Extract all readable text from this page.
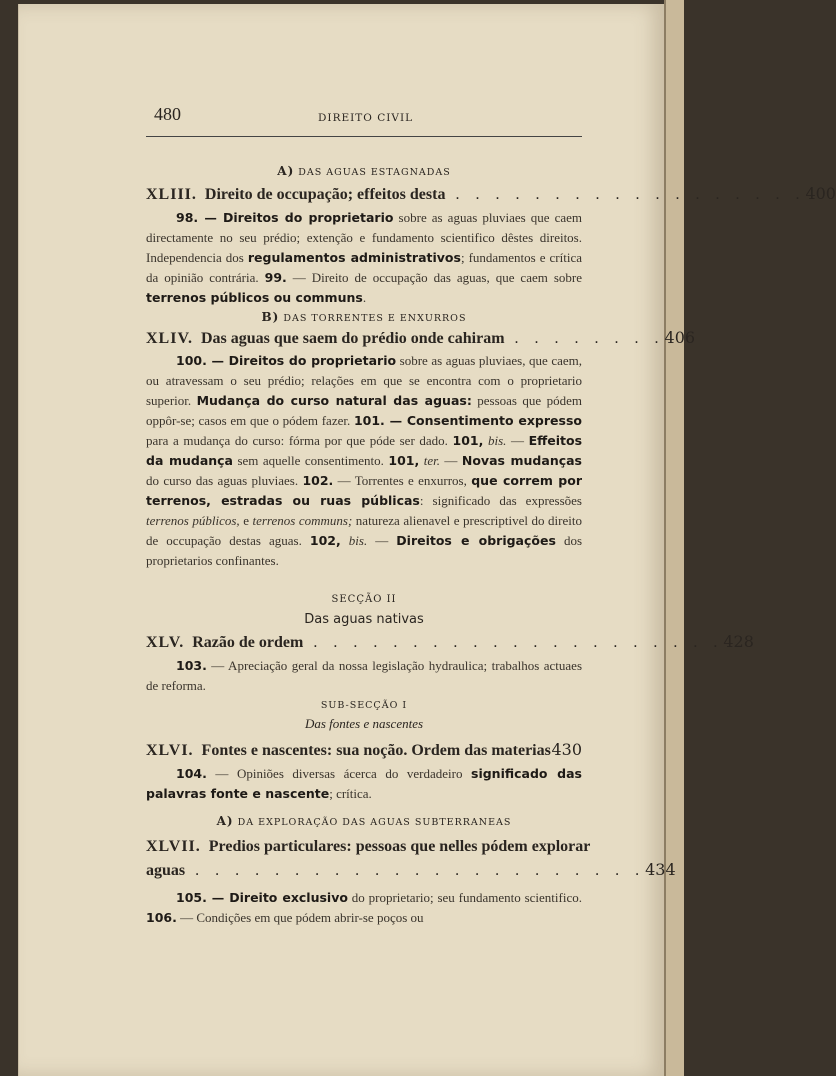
480	DIREITO CIVIL
A) DAS AGUAS ESTAGNADAS
XLIII. Direito de occupação; effeitos desta . . . . . . . . . . . . . . . . . . 400
98. — Direitos do proprietario sobre as aguas pluviaes que caem directamente no seu prédio; extenção e fundamento scientifico dêstes direitos. Independencia dos regulamentos administrativos; fundamentos e crítica da opinião contrária. 99. — Direito de occupação das aguas, que caem sobre terrenos públicos ou communs.
B) DAS TORRENTES E ENXURROS
XLIV. Das aguas que saem do prédio onde cahiram . . . . . . . . 406
100. — Direitos do proprietario sobre as aguas pluviaes, que caem, ou atravessam o seu prédio; relações em que se encontra com o proprietario superior. Mudança do curso natural das aguas: pessoas que pódem oppôr-se; casos em que o pódem fazer. 101. — Consentimento expresso para a mudança do curso: fórma por que póde ser dado. 101, bis. — Effeitos da mudança sem aquelle consentimento. 101, ter. — Novas mudanças do curso das aguas pluviaes. 102. — Torrentes e enxurros, que correm por terrenos, estradas ou ruas públicas: significado das expressões terrenos públicos, e terrenos communs; natureza alienavel e prescriptivel do direito de occupação destas aguas. 102, bis. — Direitos e obrigações dos proprietarios confinantes.
SECÇÃO II
Das aguas nativas
XLV. Razão de ordem . . . . . . . . . . . . . . . . . . . . . 428
103. — Apreciação geral da nossa legislação hydraulica; trabalhos actuaes de reforma.
SUB-SECÇÃO I
Das fontes e nascentes
XLVI. Fontes e nascentes: sua noção. Ordem das materias
430
104. — Opiniões diversas ácerca do verdadeiro significado das palavras fonte e nascente; crítica.
A) DA EXPLORAÇÃO DAS AGUAS SUBTERRANEAS
XLVII. Predios particulares: pessoas que nelles pódem explorar
aguas . . . . . . . . . . . . . . . . . . . . . . . 434
105. — Direito exclusivo do proprietario; seu fundamento scientifico. 106. — Condições em que pódem abrir-se poços ou
